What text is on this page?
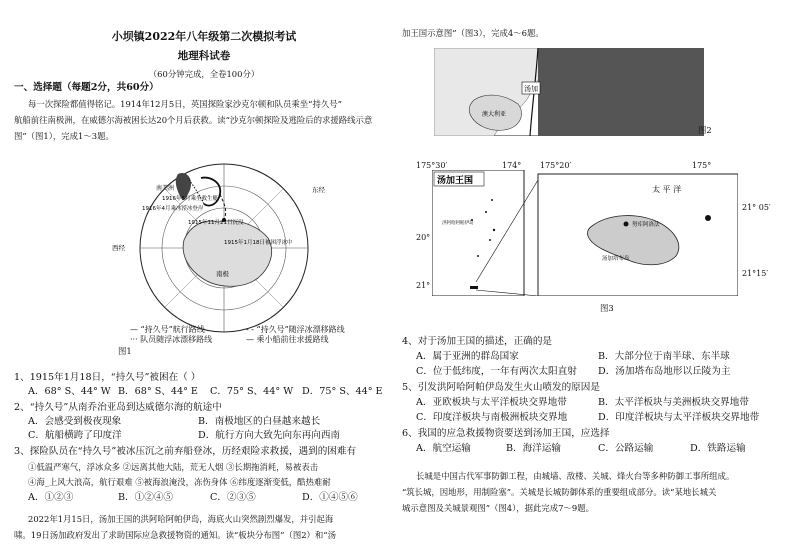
小坝镇2022年八年级第二次模拟考试
地理科试卷
（60分钟完成，全卷100分）
一、选择题（每题2分，共60分）
每一次探险都值得铭记。1914年12月5日，英国探险家沙克尔顿和队员乘坐“持久号”
航船前往南极洲，在威德尔海被困长达20个月后获救。读“沙克尔顿探险及逃险后的求援路线示意
图”（图1），完成1～3题。
南美洲
西经
东经
南极
1916年5月乘坐救生艇
1916年4月乘冰浮冰登岸
1915年11月21日沉没
1915年1月18日被困浮冰中
— “持久号”航行路线	- - “持久号”随浮冰漂移路线
··· 队员随浮冰漂移路线	— 乘小船前往求援路线
图1
1、1915年1月18日，“持久号”被困在（ ）
A．68° S、44° W B．68° S、44° E C．75° S、44° W D．75° S、44° E
2、“持久号”从南乔治亚岛到达威德尔海的航途中
A．会感受到极夜现象	B．南极地区的白昼越来越长
C．航船横跨了印度洋	D．航行方向大致先向东再向西南
3、探险队员在“持久号”被冰压沉之前弃船登冰，历经艰险求救援，遇到的困难有
①低温严寒气，浮冰众多 ②远离其他大陆，荒无人烟 ③长期拖消耗，易被表击
④海_上风大浪高，航行艰难 ⑤被海浪淹没，冻伤身体 ⑥纬度逐渐变低，酷热难耐
A．①②③	B．①②④⑤	C．②③⑤	D．①④⑤⑥
2022年1月15日，汤加王国的洪阿哈阿帕伊岛，海底火山突然剧烈爆发，并引起海
啸。19日汤加政府发出了求助国际应急救援物资的通知。读“板块分布图”（图2）和“汤
加王国示意图”（图3），完成4～6题。
汤加
澳大利亚
图2
175°30′	174° 175°20′	175°
汤加王国
洪阿哈阿帕伊岛
太 平 洋
努库阿洛法
汤加塔布岛
20°
21°
21° 05′
21°15′
图3
4、对于汤加王国的描述，正确的是
A．属于亚洲的群岛国家	B．大部分位于南半球、东半球
C．位于低纬度，一年有两次太阳直射 D．汤加塔布岛地形以丘陵为主
5、引发洪阿哈阿帕伊岛发生火山喷发的原因是
A．亚欧板块与太平洋板块交界地带	B．太平洋板块与美洲板块交界地带
C．印度洋板块与南极洲板块交界地	D．印度洋板块与太平洋板块交界地带
6、我国的应急救援物资要送到汤加王国，应选择
A．航空运输	B．海洋运输	C．公路运输	D．铁路运输
长城是中国古代军事防御工程，由城墙、敌楼、关城、烽火台等多种防御工事所组成。
“筑长城，因地形，用制险塞”。关城是长城防御体系的重要组成部分。读“某地长城关
城示意图及关城景观图”（图4），据此完成7～9题。
